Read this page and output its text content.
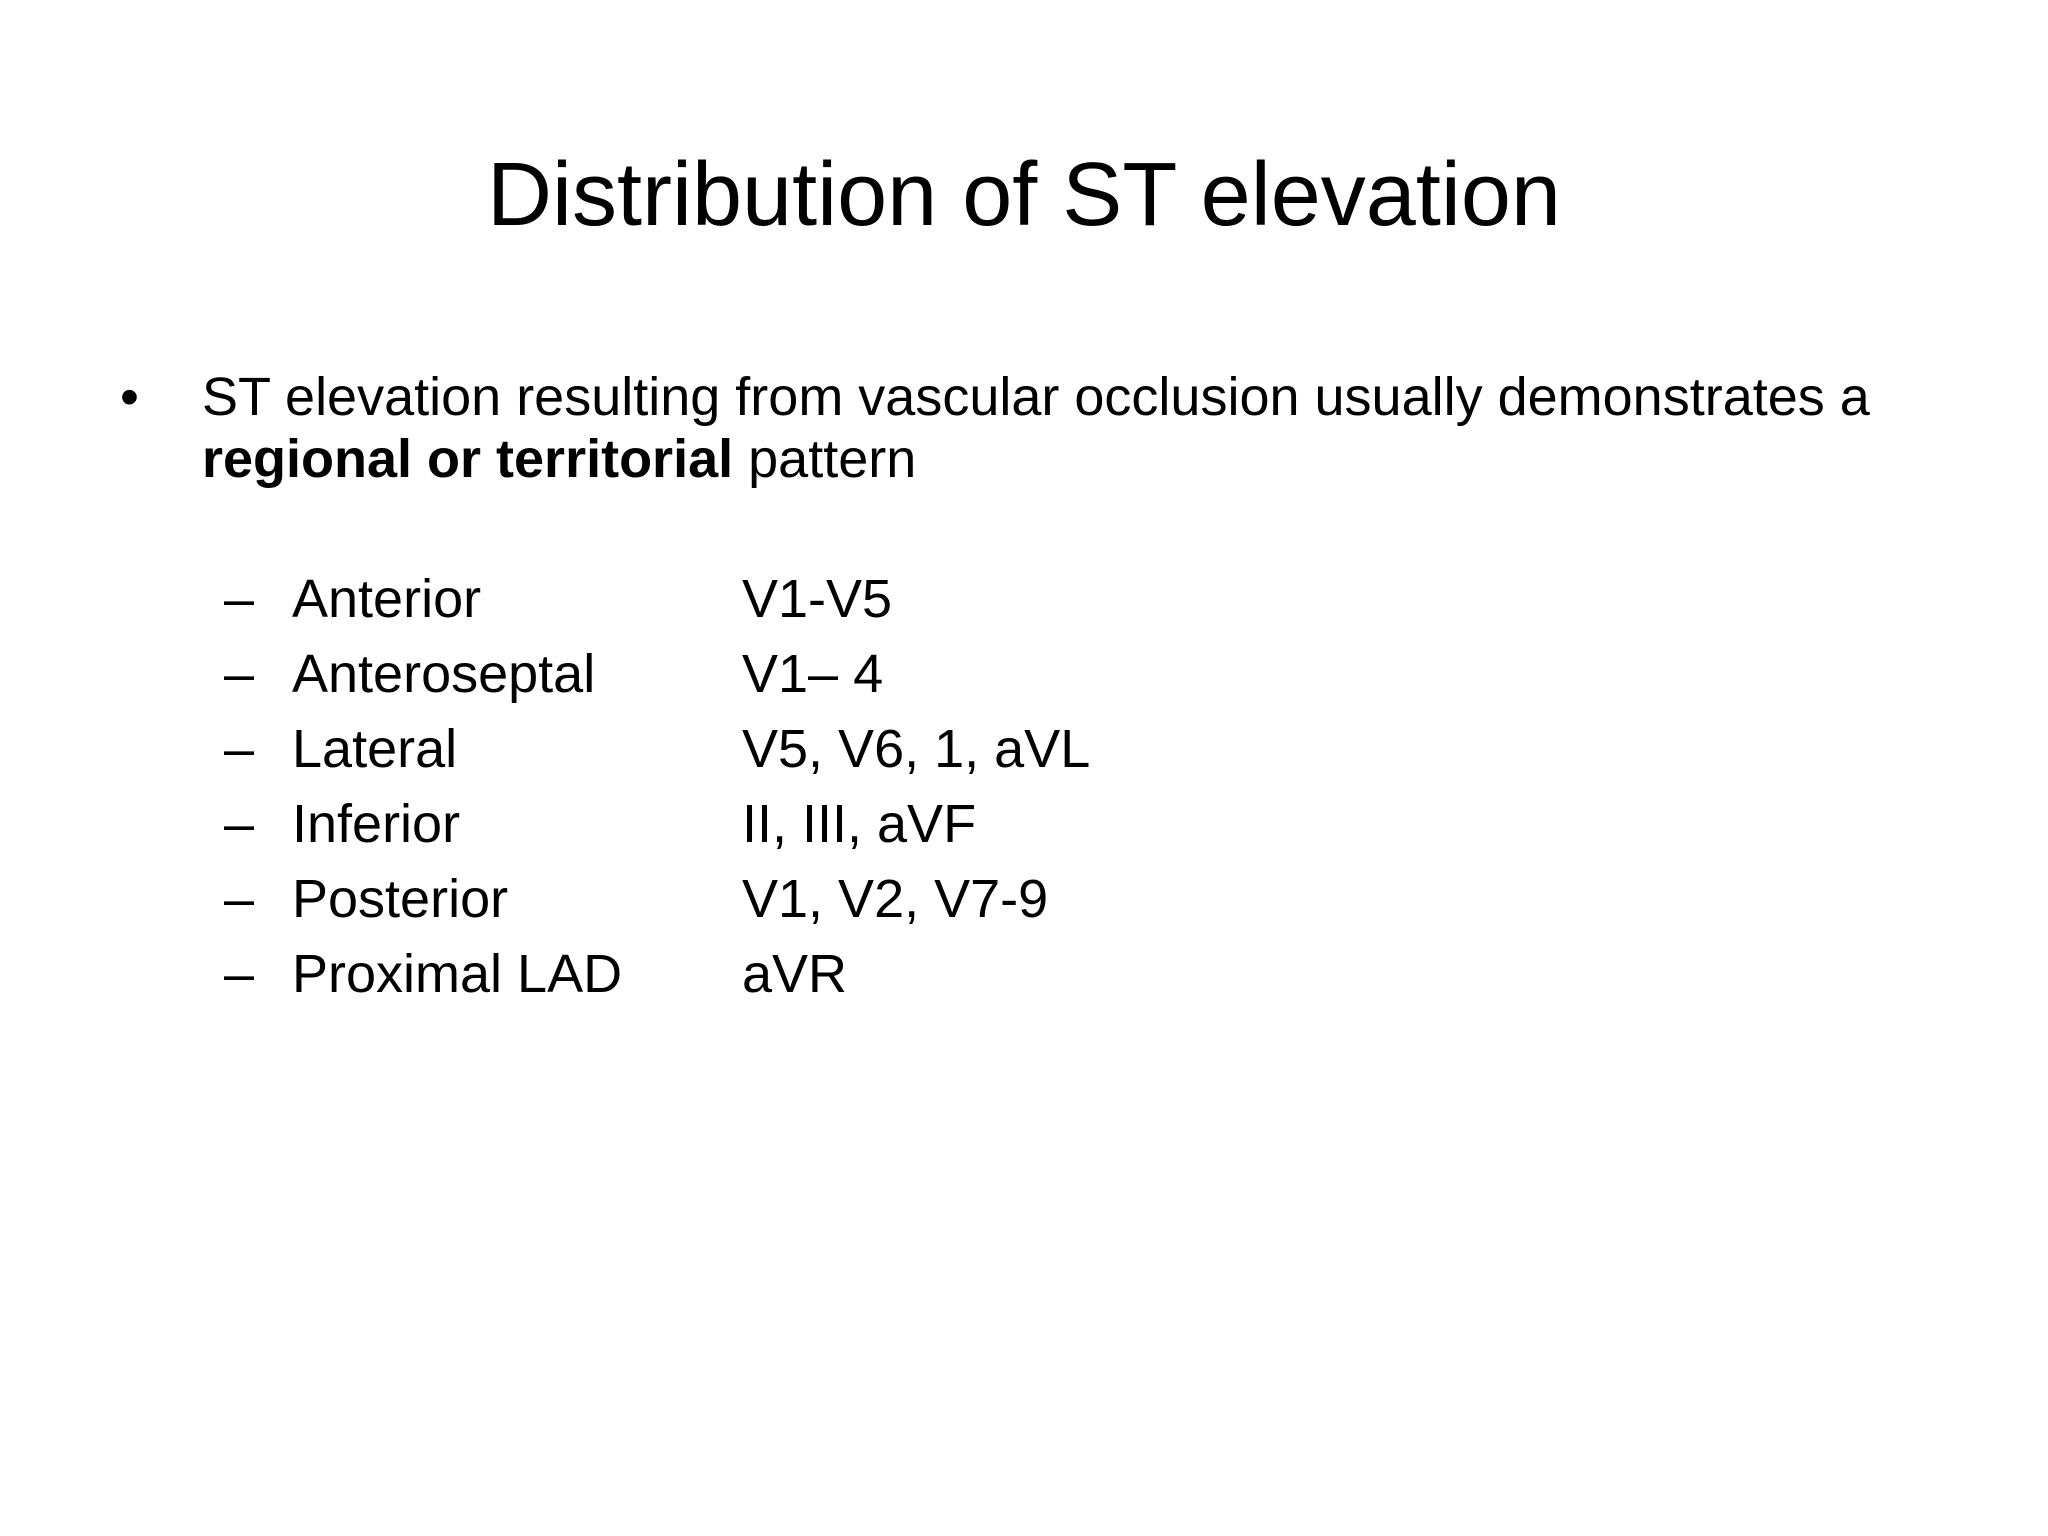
Distribution of ST elevation
•	ST elevation resulting from vascular occlusion usually demonstrates a regional or territorial pattern
– Anterior	V1-V5
– Anteroseptal	V1– 4
– Lateral	V5, V6, 1, aVL
– Inferior	II, III, aVF
– Posterior	V1, V2, V7-9
– Proximal LAD	aVR
